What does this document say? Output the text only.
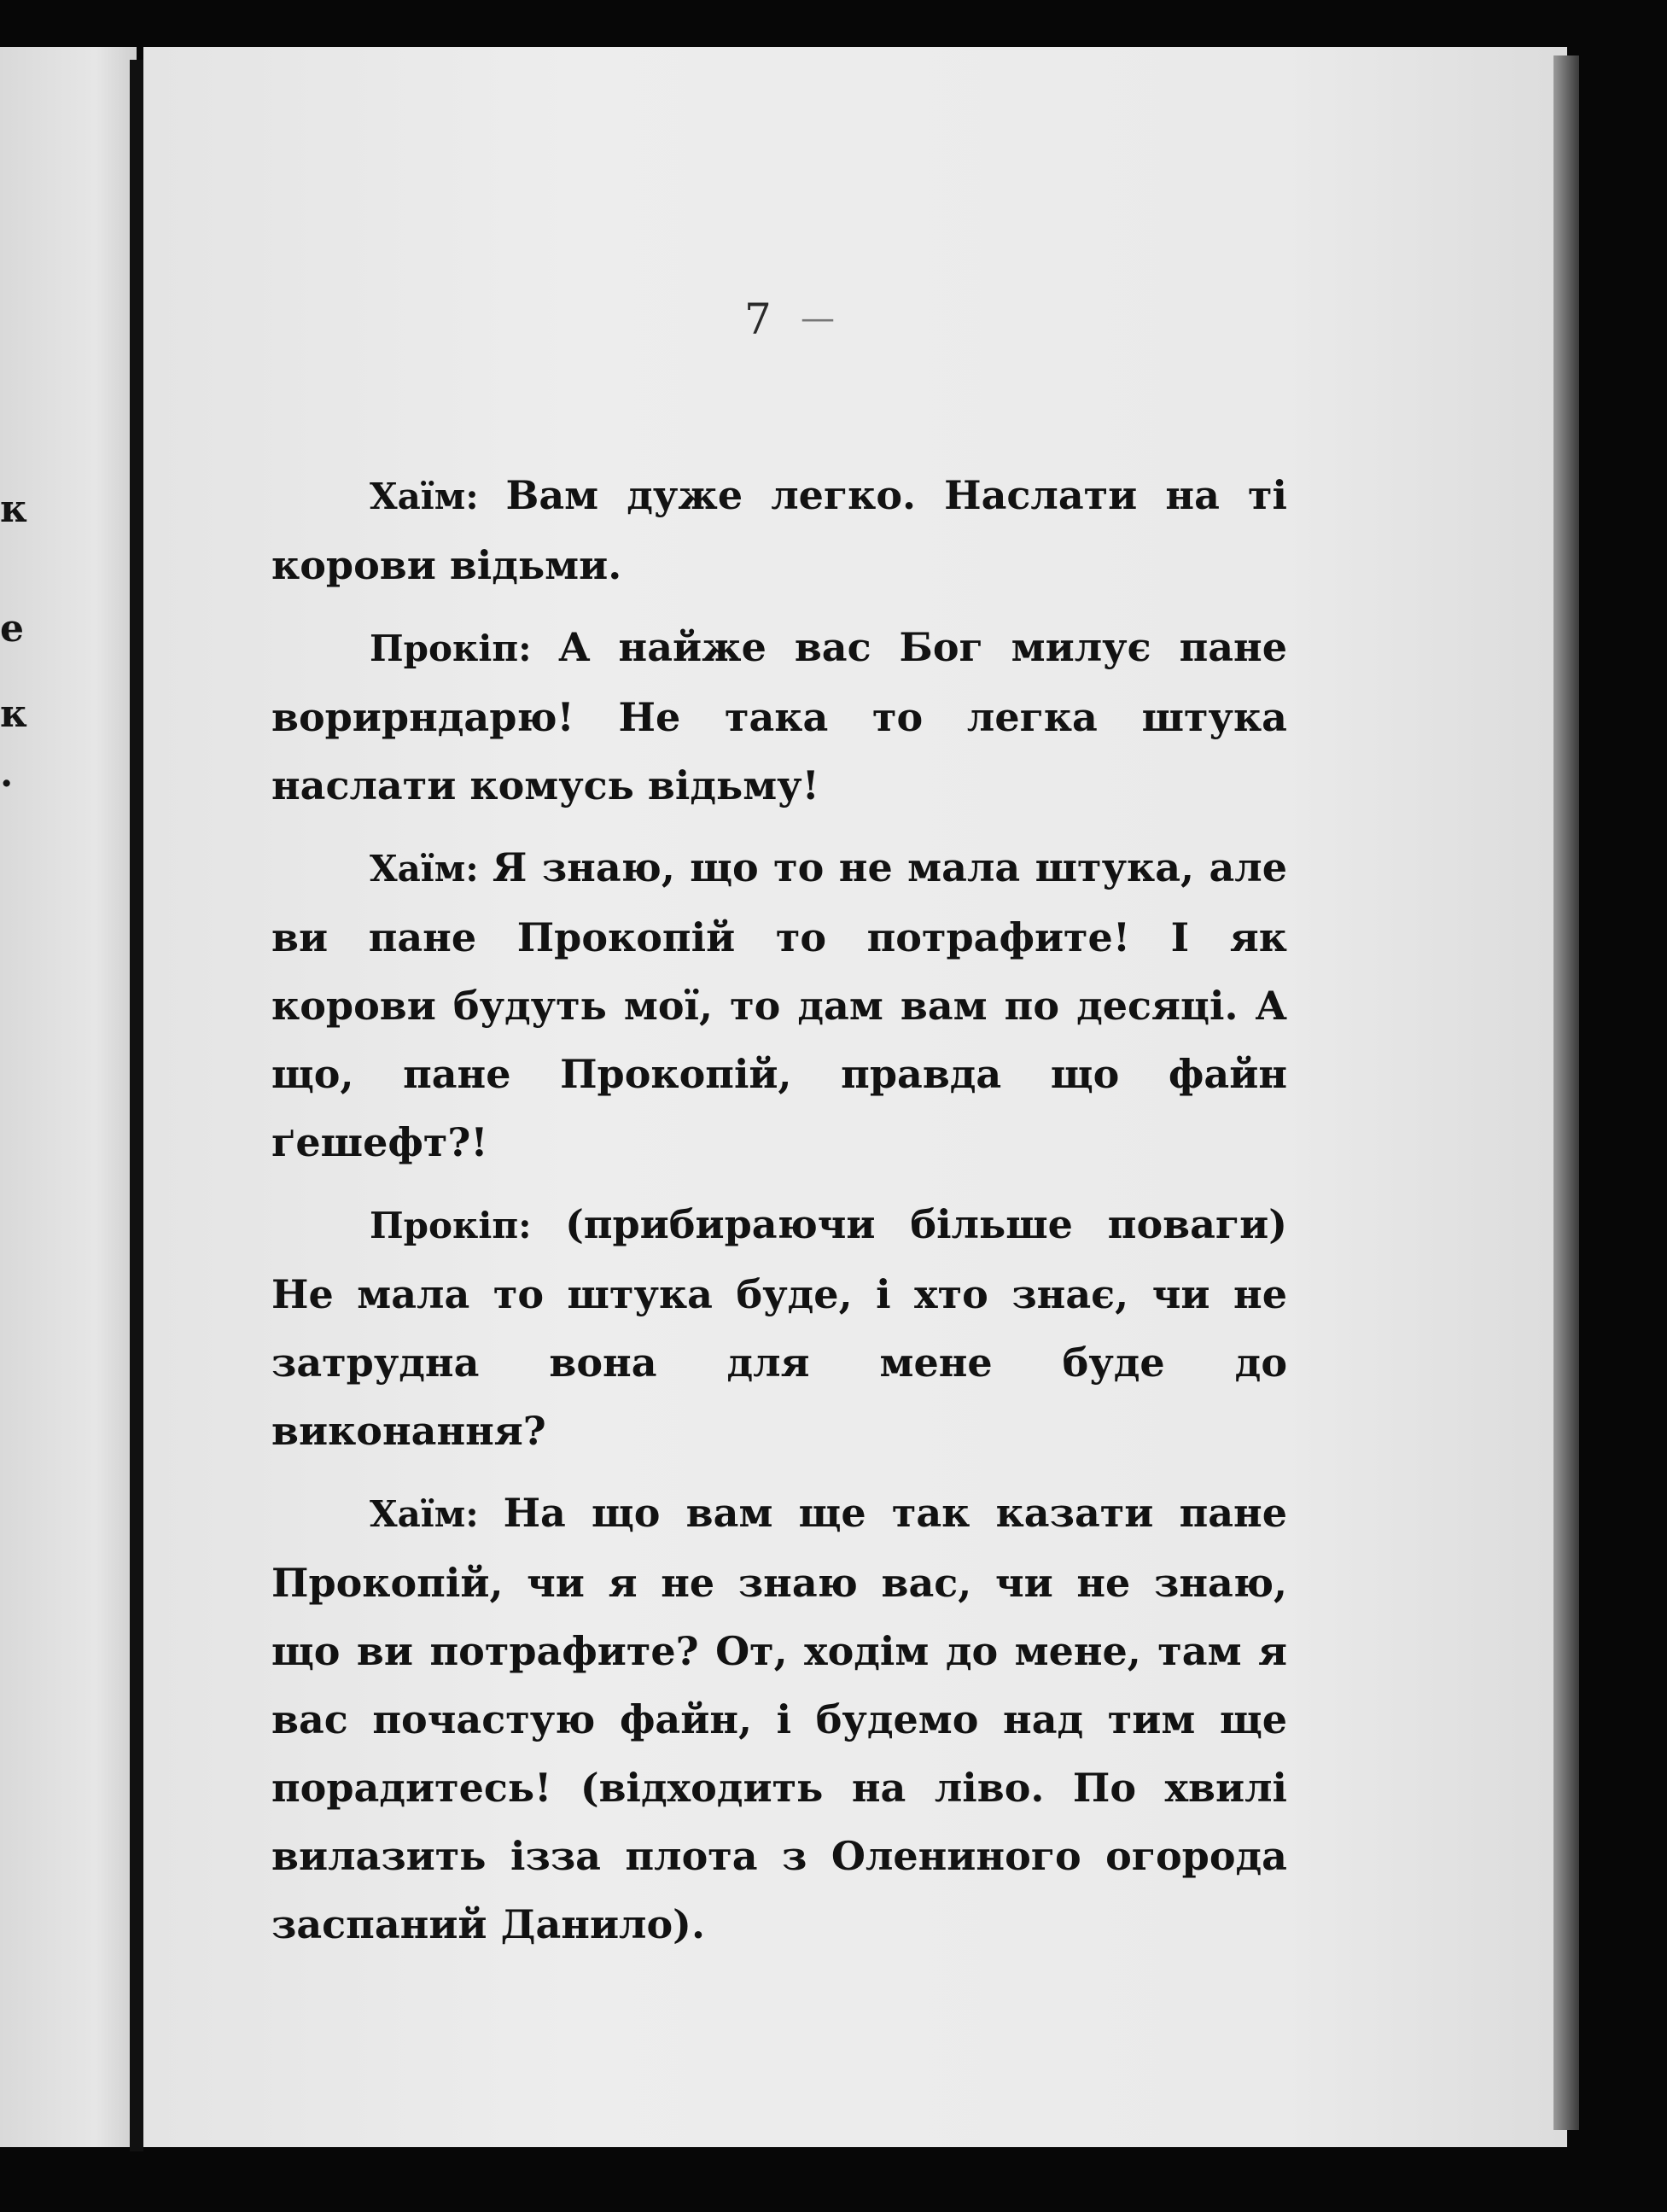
к
е
к
.
7 —

Хаїм: Вам дуже легко. Наслати на ті корови відьми.

Прокіп: А найже вас Бог милує пане ворирндарю! Не така то легка штука наслати комусь відьму!

Хаїм: Я знаю, що то не мала штука, але ви пане Прокопій то потрафите! І як корови будуть мої, то дам вам по десяці. А що, пане Прокопій, правда що файн ґешефт?!

Прокіп: (прибираючи більше поваги) Не мала то штука буде, і хто знає, чи не затрудна вона для мене буде до виконання?

Хаїм: На що вам ще так казати пане Прокопій, чи я не знаю вас, чи не знаю, що ви потрафите? От, ходім до мене, там я вас почастую файн, і будемо над тим ще порадитесь! (відходить на ліво. По хвилі вилазить ізза плота з Олениного огорода заспаний Данило).
